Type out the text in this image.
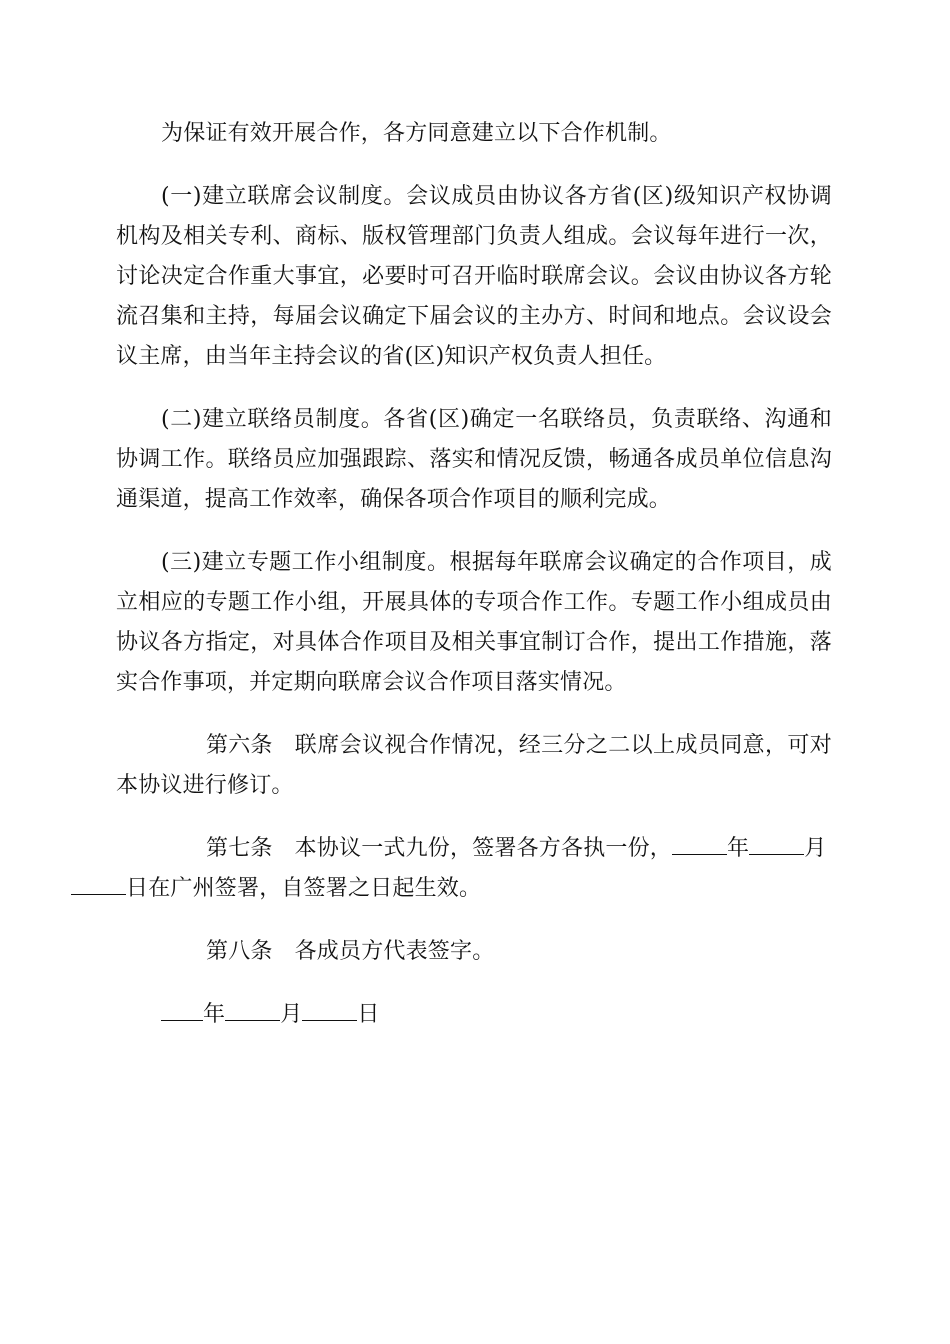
为保证有效开展合作，各方同意建立以下合作机制。

(一)建立联席会议制度。会议成员由协议各方省(区)级知识产权协调机构及相关专利、商标、版权管理部门负责人组成。会议每年进行一次，讨论决定合作重大事宜，必要时可召开临时联席会议。会议由协议各方轮流召集和主持，每届会议确定下届会议的主办方、时间和地点。会议设会议主席，由当年主持会议的省(区)知识产权负责人担任。

(二)建立联络员制度。各省(区)确定一名联络员，负责联络、沟通和协调工作。联络员应加强跟踪、落实和情况反馈，畅通各成员单位信息沟通渠道，提高工作效率，确保各项合作项目的顺利完成。

(三)建立专题工作小组制度。根据每年联席会议确定的合作项目，成立相应的专题工作小组，开展具体的专项合作工作。专题工作小组成员由协议各方指定，对具体合作项目及相关事宜制订合作，提出工作措施，落实合作事项，并定期向联席会议合作项目落实情况。

第六条 联席会议视合作情况，经三分之二以上成员同意，可对本协议进行修订。

第七条 本协议一式九份，签署各方各执一份，	年	月
日在广州签署，自签署之日起生效。

第八条 各成员方代表签字。

年	月	日
